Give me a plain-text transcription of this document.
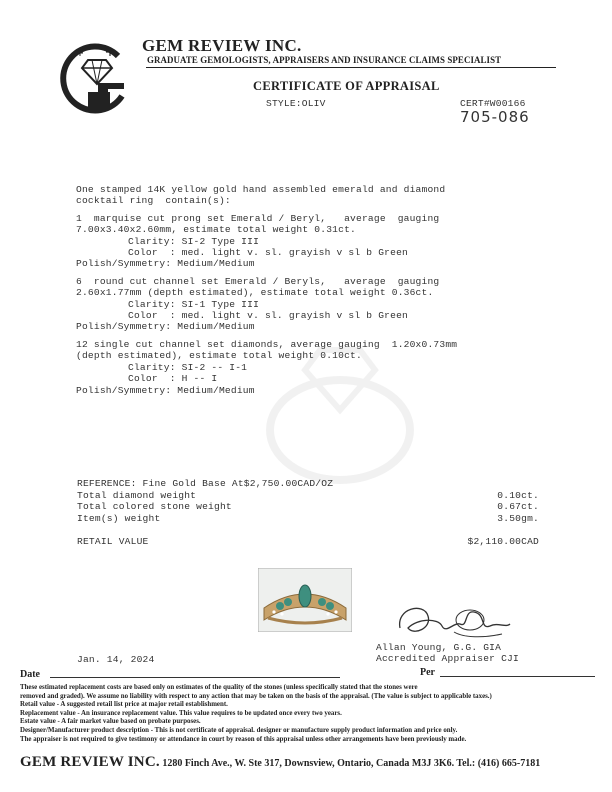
GEM REVIEW INC.
GRADUATE GEMOLOGISTS, APPRAISERS AND INSURANCE CLAIMS SPECIALIST
CERTIFICATE OF APPRAISAL
STYLE:OLIV	CERT#W00166
705-086

One stamped 14K yellow gold hand assembled emerald and diamond
cocktail ring  contain(s):

1  marquise cut prong set Emerald / Beryl,   average  gauging
7.00x3.40x2.60mm, estimate total weight 0.31ct.
Clarity: SI-2 Type III
Color  : med. light v. sl. grayish v sl b Green
Polish/Symmetry: Medium/Medium

6  round cut channel set Emerald / Beryls,   average  gauging
2.60x1.77mm (depth estimated), estimate total weight 0.36ct.
Clarity: SI-1 Type III
Color  : med. light v. sl. grayish v sl b Green
Polish/Symmetry: Medium/Medium

12 single cut channel set diamonds, average gauging  1.20x0.73mm
(depth estimated), estimate total weight 0.10ct.
Clarity: SI-2 -- I-1
Color  : H -- I
Polish/Symmetry: Medium/Medium

REFERENCE: Fine Gold Base At$2,750.00CAD/OZ
Total diamond weight	0.10ct.
Total colored stone weight	0.67ct.
Item(s) weight	3.50gm.
RETAIL VALUE	$2,110.00CAD
Allan Young, G.G. GIA
Accredited Appraiser CJI
Jan. 14, 2024
Date	Per
These estimated replacement costs are based only on estimates of the quality of the stones (unless specifically stated that the stones were
removed and graded). We assume no liability with respect to any action that may be taken on the basis of the appraisal. (The value is subject to applicable taxes.)
Retail value - A suggested retail list price at major retail establishment.
Replacement value - An insurance replacement value. This value requires to be updated once every two years.
Estate value - A fair market value based on probate purposes.
Designer/Manufacturer product description - This is not certificate of appraisal. designer or manufacture supply product information and price only.
The appraiser is not required to give testimony or attendance in court by reason of this appraisal unless other arrangements have been previously made.
GEM REVIEW INC. 1280 Finch Ave., W. Ste 317, Downsview, Ontario, Canada M3J 3K6. Tel.: (416) 665-7181
